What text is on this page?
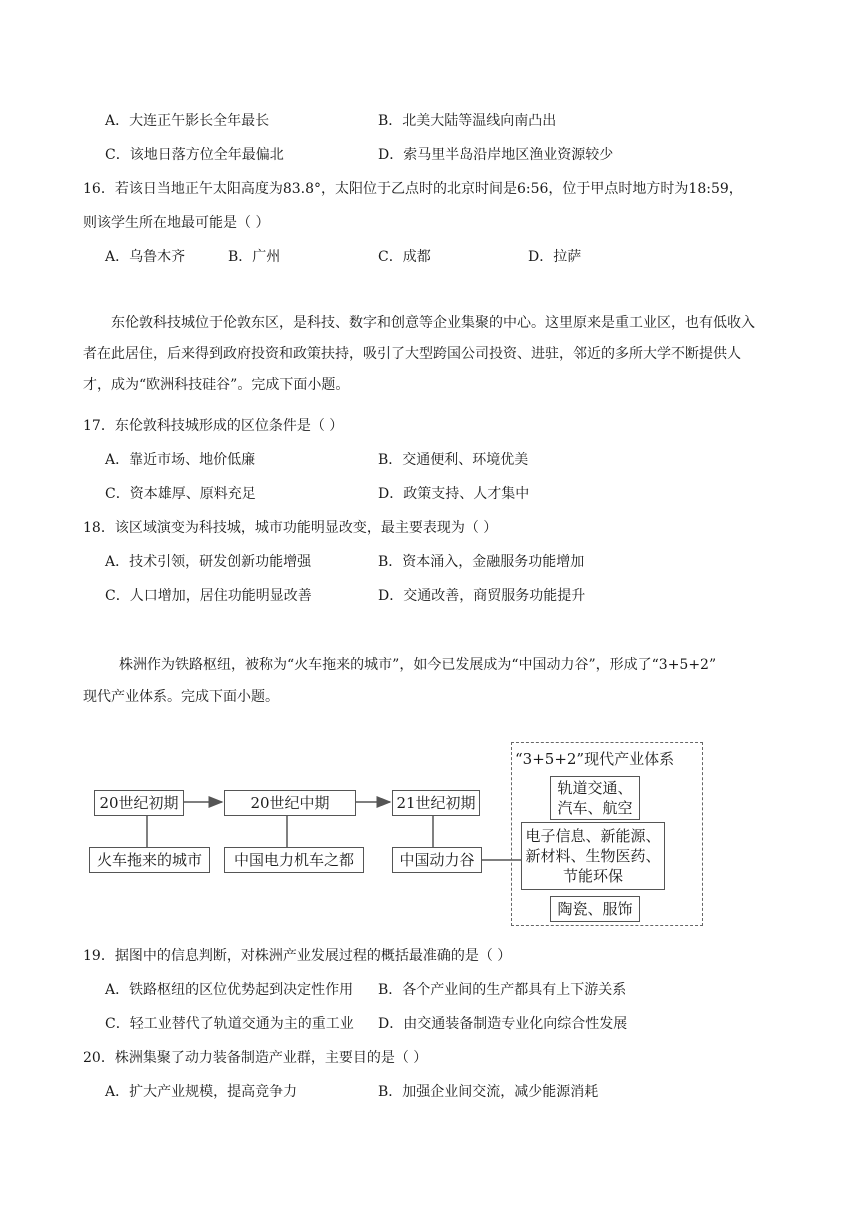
A．大连正午影长全年最长	B．北美大陆等温线向南凸出
C．该地日落方位全年最偏北	D．索马里半岛沿岸地区渔业资源较少
16．若该日当地正午太阳高度为83.8°，太阳位于乙点时的北京时间是6:56，位于甲点时地方时为18:59，
则该学生所在地最可能是（ ）
A．乌鲁木齐	B．广州	C．成都	D．拉萨
东伦敦科技城位于伦敦东区，是科技、数字和创意等企业集聚的中心。这里原来是重工业区，也有低收入者在此居住，后来得到政府投资和政策扶持，吸引了大型跨国公司投资、进驻，邻近的多所大学不断提供人才，成为“欧洲科技硅谷”。完成下面小题。
17．东伦敦科技城形成的区位条件是（ ）
A．靠近市场、地价低廉	B．交通便利、环境优美
C．资本雄厚、原料充足	D．政策支持、人才集中
18．该区域演变为科技城，城市功能明显改变，最主要表现为（ ）
A．技术引领，研发创新功能增强	B．资本涌入，金融服务功能增加
C．人口增加，居住功能明显改善	D．交通改善，商贸服务功能提升
株洲作为铁路枢纽，被称为“火车拖来的城市”，如今已发展成为“中国动力谷”，形成了“3+5+2”
现代产业体系。完成下面小题。
20世纪初期	20世纪中期	21世纪初期
火车拖来的城市	中国电力机车之都	中国动力谷
“3+5+2”现代产业体系
轨道交通、
汽车、航空
电子信息、新能源、
新材料、生物医药、
节能环保
陶瓷、服饰
19．据图中的信息判断，对株洲产业发展过程的概括最准确的是（ ）
A．铁路枢纽的区位优势起到决定性作用 B．各个产业间的生产都具有上下游关系
C．轻工业替代了轨道交通为主的重工业 D．由交通装备制造专业化向综合性发展
20．株洲集聚了动力装备制造产业群，主要目的是（ ）
A．扩大产业规模，提高竞争力	B．加强企业间交流，减少能源消耗
